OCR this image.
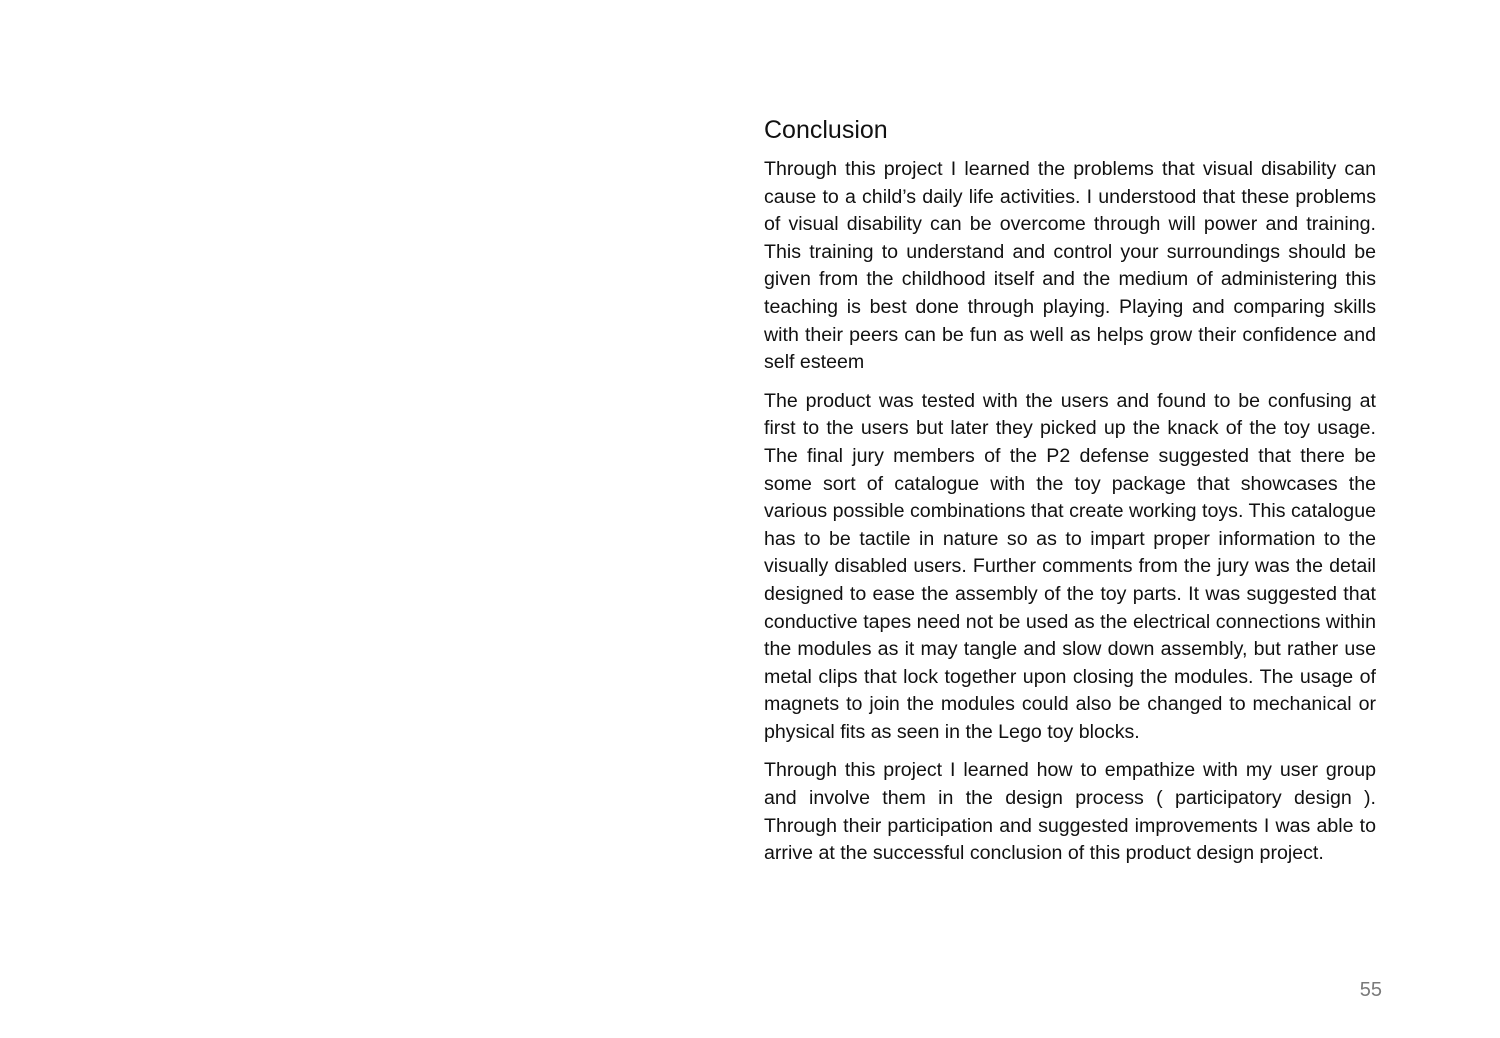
Conclusion

Through this project I learned the problems that visual disability can cause to a child’s daily life activities. I understood that these problems of visual disability can be overcome through will power and training. This training to understand and control your surroundings should be given from the childhood itself and the medium of administering this teaching is best done through playing. Playing and comparing skills with their peers can be fun as well as helps grow their confidence and self esteem

The product was tested with the users and found to be confusing at first to the users but later they picked up the knack of the toy usage. The final jury members of the P2 defense suggested that there be some sort of catalogue with the toy package that showcases the various possible combinations that create working toys. This catalogue has to be tactile in nature so as to impart proper information to the visually disabled users. Further comments from the jury was the detail designed to ease the assembly of the toy parts. It was suggested that conductive tapes need not be used as the electrical connections within the modules as it may tangle and slow down assembly, but rather use metal clips that lock together upon closing the modules. The usage of magnets to join the modules could also be changed to mechanical or physical fits as seen in the Lego toy blocks.

Through this project I learned how to empathize with my user group and involve them in the design process ( participatory design ). Through their participation and suggested improvements I was able to arrive at the successful conclusion of this product design project.

55
